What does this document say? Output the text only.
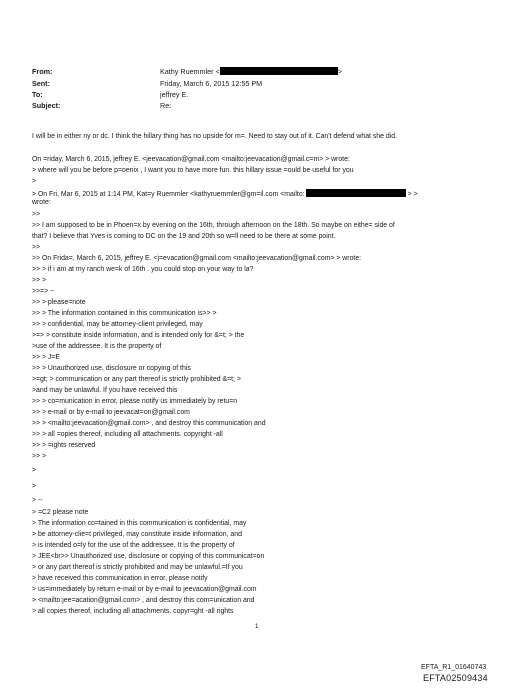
From:	Kathy Ruemmler <	>
Sent:	Friday, March 6, 2015 12:55 PM
To:	jeffrey E.
Subject:	Re:
I will be in either ny or dc. I think the hillary thing has no upside for m=. Need to stay out of it. Can't defend what she did.
On =riday, March 6, 2015, jeffrey E. <jeevacation@gmail.com <mailto:jeevacation@gmail.c=m> > wrote:
> where will you be before p=oenix , I want you to have more fun. this hillary issue =ould be useful for you
>
> On Fri, Mar 6, 2015 at 1:14 PM, Kat=y Ruemmler <kathyruemmler@gm=il.com <mailto:	> >
wrote:
>>
>> I am supposed to be in Phoen=x by evening on the 16th, through afternoon on the 18th. So maybe on eithe= side of
that? I believe that Yves is coming to DC on the 19 and 20th so w=ll need to be there at some point.
>>
>> On Frida=, March 6, 2015, jeffrey E. <j=evacation@gmail.com <mailto:jeevacation@gmail.com> > wrote:
>> > if i am at my ranch we=k of 16th . you could stop on your way to la?
>> >
>>=> --
>> > please=note
>> > The information contained in this communication is>> >
>> > confidential, may be attorney-client privileged, may
>=> > constitute inside information, and is intended only for &=t; > the
>use of the addressee. It is the property of
>> > J=E
>> > Unauthorized use, disclosure or copying of this
>=gt; > communication or any part thereof is strictly prohibited &=t; >
>and may be unlawful. If you have received this
>> > co=munication in error, please notify us immediately by retu=n
>> > e-mail or by e-mail to jeevacat=on@gmail.com
>> > <mailto:jeevacation@gmail.com> , and destroy this communication and
>> > all =opies thereof, including all attachments. copyright -all
>> > =ights reserved
>> >
>
>
> --
> =C2 please note
> The information co=tained in this communication is confidential, may
> be attorney-clie=t privileged, may constitute inside information, and
> is intended o=ly for the use of the addressee. It is the property of
> JEE<br>> Unauthorized use, disclosure or copying of this communicat=on
> or any part thereof is strictly prohibited and may be unlawful.=If you
> have received this communication in error, please notify
> us=immediately by return e-mail or by e-mail to jeevacation@gmail.com
> <mailto:jee=acation@gmail.com> , and destroy this com=unication and
> all copies thereof, including all attachments. copyr=ght -all rights
1
EFTA_R1_01640743
EFTA02509434
